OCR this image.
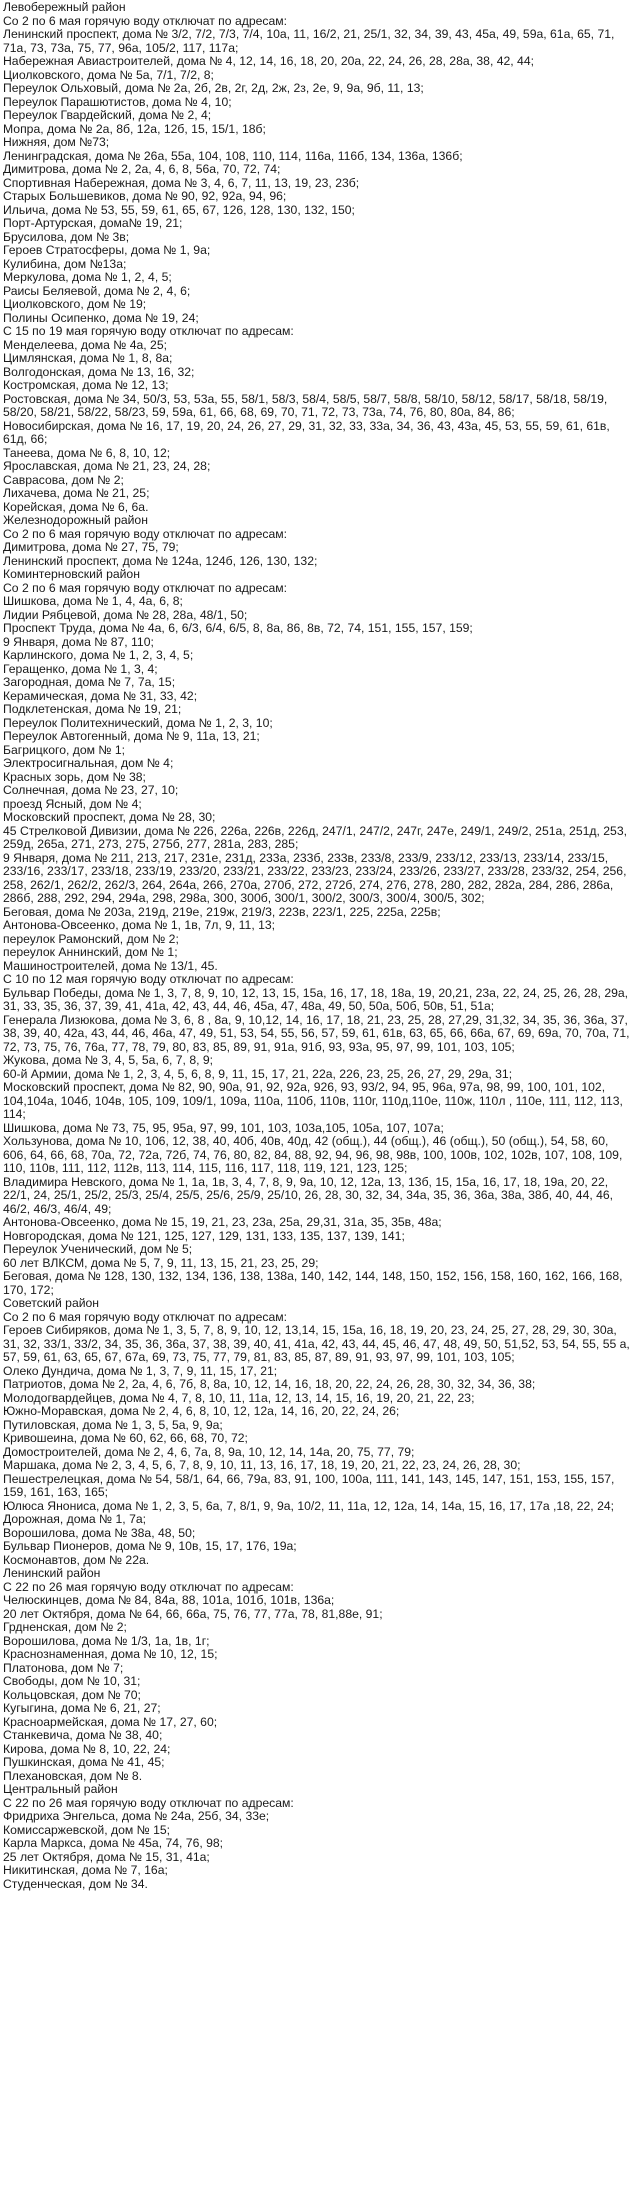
Левобережный район
Со 2 по 6 мая горячую воду отключат по адресам:
Ленинский проспект, дома № 3/2, 7/2, 7/3, 7/4, 10а, 11, 16/2, 21, 25/1, 32, 34, 39, 43, 45а, 49, 59а, 61а, 65, 71, 71а, 73, 73а, 75, 77, 96а, 105/2, 117, 117а;
Набережная Авиастроителей, дома № 4, 12, 14, 16, 18, 20, 20а, 22, 24, 26, 28, 28а, 38, 42, 44;
Циолковского, дома № 5а, 7/1, 7/2, 8;
Переулок Ольховый, дома № 2а, 2б, 2в, 2г, 2д, 2ж, 2з, 2е, 9, 9а, 9б, 11, 13;
Переулок Парашютистов, дома № 4, 10;
Переулок Гвардейский, дома № 2, 4;
Мопра, дома № 2а, 8б, 12а, 12б, 15, 15/1, 18б;
Нижняя, дом №73;
Ленинградская, дома № 26а, 55а, 104, 108, 110, 114, 116а, 116б, 134, 136а, 136б;
Димитрова, дома № 2, 2а, 4, 6, 8, 56а, 70, 72, 74;
Спортивная Набережная, дома № 3, 4, 6, 7, 11, 13, 19, 23, 23б;
Старых Большевиков, дома № 90, 92, 92а, 94, 96;
Ильича, дома № 53, 55, 59, 61, 65, 67, 126, 128, 130, 132, 150;
Порт-Артурская, дома№ 19, 21;
Брусилова, дом № 3в;
Героев Стратосферы, дома № 1, 9а;
Кулибина, дом №13а;
Меркулова, дома № 1, 2, 4, 5;
Раисы Беляевой, дома № 2, 4, 6;
Циолковского, дом № 19;
Полины Осипенко, дома № 19, 24;
С 15 по 19 мая горячую воду отключат по адресам:
Менделеева, дома № 4а, 25;
Цимлянская, дома № 1, 8, 8а;
Волгодонская, дома № 13, 16, 32;
Костромская, дома № 12, 13;
Ростовская, дома № 34, 50/3, 53, 53а, 55, 58/1, 58/3, 58/4, 58/5, 58/7, 58/8, 58/10, 58/12, 58/17, 58/18, 58/19, 58/20, 58/21, 58/22, 58/23, 59, 59а, 61, 66, 68, 69, 70, 71, 72, 73, 73а, 74, 76, 80, 80а, 84, 86;
Новосибирская, дома № 16, 17, 19, 20, 24, 26, 27, 29, 31, 32, 33, 33а, 34, 36, 43, 43а, 45, 53, 55, 59, 61, 61в, 61д, 66;
Танеева, дома № 6, 8, 10, 12;
Ярославская, дома № 21, 23, 24, 28;
Саврасова, дом № 2;
Лихачева, дома № 21, 25;
Корейская, дома № 6, 6а.
Железнодорожный район
Со 2 по 6 мая горячую воду отключат по адресам:
Димитрова, дома № 27, 75, 79;
Ленинский проспект, дома № 124а, 124б, 126, 130, 132;
Коминтерновский район
Со 2 по 6 мая горячую воду отключат по адресам:
Шишкова, дома № 1, 4, 4а, 6, 8;
Лидии Рябцевой, дома № 28, 28а, 48/1, 50;
Проспект Труда, дома № 4а, 6, 6/3, 6/4, 6/5, 8, 8а, 86, 8в, 72, 74, 151, 155, 157, 159;
9 Января, дома № 87, 110;
Карлинского, дома № 1, 2, 3, 4, 5;
Геращенко, дома № 1, 3, 4;
Загородная, дома № 7, 7а, 15;
Керамическая, дома № 31, 33, 42;
Подклетенская, дома № 19, 21;
Переулок Политехнический, дома № 1, 2, 3, 10;
Переулок Автогенный, дома № 9, 11а, 13, 21;
Багрицкого, дом № 1;
Электросигнальная, дом № 4;
Красных зорь, дом № 38;
Солнечная, дома № 23, 27, 10;
проезд Ясный, дом № 4;
Московский проспект, дома № 28, 30;
45 Стрелковой Дивизии, дома № 226, 226а, 226в, 226д, 247/1, 247/2, 247г, 247е, 249/1, 249/2, 251а, 251д, 253, 259д, 265а, 271, 273, 275, 275б, 277, 281а, 283, 285;
9 Января, дома № 211, 213, 217, 231е, 231д, 233а, 233б, 233в, 233/8, 233/9, 233/12, 233/13, 233/14, 233/15, 233/16, 233/17, 233/18, 233/19, 233/20, 233/21, 233/22, 233/23, 233/24, 233/26, 233/27, 233/28, 233/32, 254, 256, 258, 262/1, 262/2, 262/3, 264, 264а, 266, 270а, 270б, 272, 272б, 274, 276, 278, 280, 282, 282а, 284, 286, 286а, 286б, 288, 292, 294, 294а, 298, 298а, 300, 300б, 300/1, 300/2, 300/3, 300/4, 300/5, 302;
Беговая, дома № 203а, 219д, 219е, 219ж, 219/3, 223в, 223/1, 225, 225а, 225в;
Антонова-Овсеенко, дома № 1, 1в, 7л, 9, 11, 13;
переулок Рамонский, дом № 2;
переулок Аннинский, дом № 1;
Машиностроителей, дома № 13/1, 45.
С 10 по 12 мая горячую воду отключат по адресам:
Бульвар Победы, дома № 1, 3, 7, 8, 9, 10, 12, 13, 15, 15а, 16, 17, 18, 18а, 19, 20,21, 23а, 22, 24, 25, 26, 28, 29а, 31, 33, 35, 36, 37, 39, 41, 41а, 42, 43, 44, 46, 45а, 47, 48а, 49, 50, 50а, 50б, 50в, 51, 51а;
Генерала Лизюкова, дома № 3, 6, 8 , 8а, 9, 10,12, 14, 16, 17, 18, 21, 23, 25, 28, 27,29, 31,32, 34, 35, 36, 36а, 37, 38, 39, 40, 42а, 43, 44, 46, 46а, 47, 49, 51, 53, 54, 55, 56, 57, 59, 61, 61в, 63, 65, 66, 66а, 67, 69, 69а, 70, 70а, 71, 72, 73, 75, 76, 76а, 77, 78, 79, 80, 83, 85, 89, 91, 91а, 91б, 93, 93а, 95, 97, 99, 101, 103, 105;
Жукова, дома № 3, 4, 5, 5а, 6, 7, 8, 9;
60-й Армии, дома № 1, 2, 3, 4, 5, 6, 8, 9, 11, 15, 17, 21, 22а, 226, 23, 25, 26, 27, 29, 29а, 31;
Московский проспект, дома № 82, 90, 90а, 91, 92, 92а, 926, 93, 93/2, 94, 95, 96а, 97а, 98, 99, 100, 101, 102, 104,104а, 104б, 104в, 105, 109, 109/1, 109а, 110а, 110б, 110в, 110г, 110д,110е, 110ж, 110л , 110е, 111, 112, 113, 114;
Шишкова, дома № 73, 75, 95, 95а, 97, 99, 101, 103, 103а,105, 105а, 107, 107а;
Хользунова, дома № 10, 106, 12, 38, 40, 40б, 40в, 40д, 42 (общ.), 44 (общ.), 46 (общ.), 50 (общ.), 54, 58, 60, 606, 64, 66, 68, 70а, 72, 72а, 72б, 74, 76, 80, 82, 84, 88, 92, 94, 96, 98, 98в, 100, 100в, 102, 102в, 107, 108, 109, 110, 110в, 111, 112, 112в, 113, 114, 115, 116, 117, 118, 119, 121, 123, 125;
Владимира Невского, дома № 1, 1а, 1в, 3, 4, 7, 8, 9, 9а, 10, 12, 12а, 13, 13б, 15, 15а, 16, 17, 18, 19а, 20, 22, 22/1, 24, 25/1, 25/2, 25/3, 25/4, 25/5, 25/6, 25/9, 25/10, 26, 28, 30, 32, 34, 34а, 35, 36, 36а, 38а, 38б, 40, 44, 46, 46/2, 46/3, 46/4, 49;
Антонова-Овсеенко, дома № 15, 19, 21, 23, 23а, 25а, 29,31, 31а, 35, 35в, 48а;
Новгородская, дома № 121, 125, 127, 129, 131, 133, 135, 137, 139, 141;
Переулок Ученический, дом № 5;
60 лет ВЛКСМ, дома № 5, 7, 9, 11, 13, 15, 21, 23, 25, 29;
Беговая, дома № 128, 130, 132, 134, 136, 138, 138а, 140, 142, 144, 148, 150, 152, 156, 158, 160, 162, 166, 168, 170, 172;
Советский район
Со 2 по 6 мая горячую воду отключат по адресам:
Героев Сибиряков, дома № 1, 3, 5, 7, 8, 9, 10, 12, 13,14, 15, 15а, 16, 18, 19, 20, 23, 24, 25, 27, 28, 29, 30, 30а, 31, 32, 33/1, 33/2, 34, 35, 36, 36а, 37, 38, 39, 40, 41, 41а, 42, 43, 44, 45, 46, 47, 48, 49, 50, 51,52, 53, 54, 55, 55 а, 57, 59, 61, 63, 65, 67, 67а, 69, 73, 75, 77, 79, 81, 83, 85, 87, 89, 91, 93, 97, 99, 101, 103, 105;
Олеко Дундича, дома № 1, 3, 7, 9, 11, 15, 17, 21;
Патриотов, дома № 2, 2а, 4, 6, 7б, 8, 8а, 10, 12, 14, 16, 18, 20, 22, 24, 26, 28, 30, 32, 34, 36, 38;
Молодогвардейцев, дома № 4, 7, 8, 10, 11, 11а, 12, 13, 14, 15, 16, 19, 20, 21, 22, 23;
Южно-Моравская, дома № 2, 4, 6, 8, 10, 12, 12а, 14, 16, 20, 22, 24, 26;
Путиловская, дома № 1, 3, 5, 5а, 9, 9а;
Кривошеина, дома № 60, 62, 66, 68, 70, 72;
Домостроителей, дома № 2, 4, 6, 7а, 8, 9а, 10, 12, 14, 14а, 20, 75, 77, 79;
Маршака, дома № 2, 3, 4, 5, 6, 7, 8, 9, 10, 11, 13, 16, 17, 18, 19, 20, 21, 22, 23, 24, 26, 28, 30;
Пешестрелецкая, дома № 54, 58/1, 64, 66, 79а, 83, 91, 100, 100а, 111, 141, 143, 145, 147, 151, 153, 155, 157, 159, 161, 163, 165;
Юлюса Янониса, дома № 1, 2, 3, 5, 6а, 7, 8/1, 9, 9а, 10/2, 11, 11а, 12, 12а, 14, 14а, 15, 16, 17, 17а ,18, 22, 24;
Дорожная, дома № 1, 7а;
Ворошилова, дома № 38а, 48, 50;
Бульвар Пионеров, дома № 9, 10в, 15, 17, 176, 19а;
Космонавтов, дом № 22а.
Ленинский район
С 22 по 26 мая горячую воду отключат по адресам:
Челюскинцев, дома № 84, 84а, 88, 101а, 101б, 101в, 136а;
20 лет Октября, дома № 64, 66, 66а, 75, 76, 77, 77а, 78, 81,88е, 91;
Грдненская, дом № 2;
Ворошилова, дома № 1/3, 1а, 1в, 1г;
Краснознаменная, дома № 10, 12, 15;
Платонова, дом № 7;
Свободы, дом № 10, 31;
Кольцовская, дом № 70;
Кугыгина, дома № 6, 21, 27;
Красноармейская, дома № 17, 27, 60;
Станкевича, дома № 38, 40;
Кирова, дома № 8, 10, 22, 24;
Пушкинская, дома № 41, 45;
Плехановская, дом № 8.
Центральный район
С 22 по 26 мая горячую воду отключат по адресам:
Фридриха Энгельса, дома № 24а, 25б, 34, 33е;
Комиссаржевской, дом № 15;
Карла Маркса, дома № 45а, 74, 76, 98;
25 лет Октября, дома № 15, 31, 41а;
Никитинская, дома № 7, 16а;
Студенческая, дом № 34.
